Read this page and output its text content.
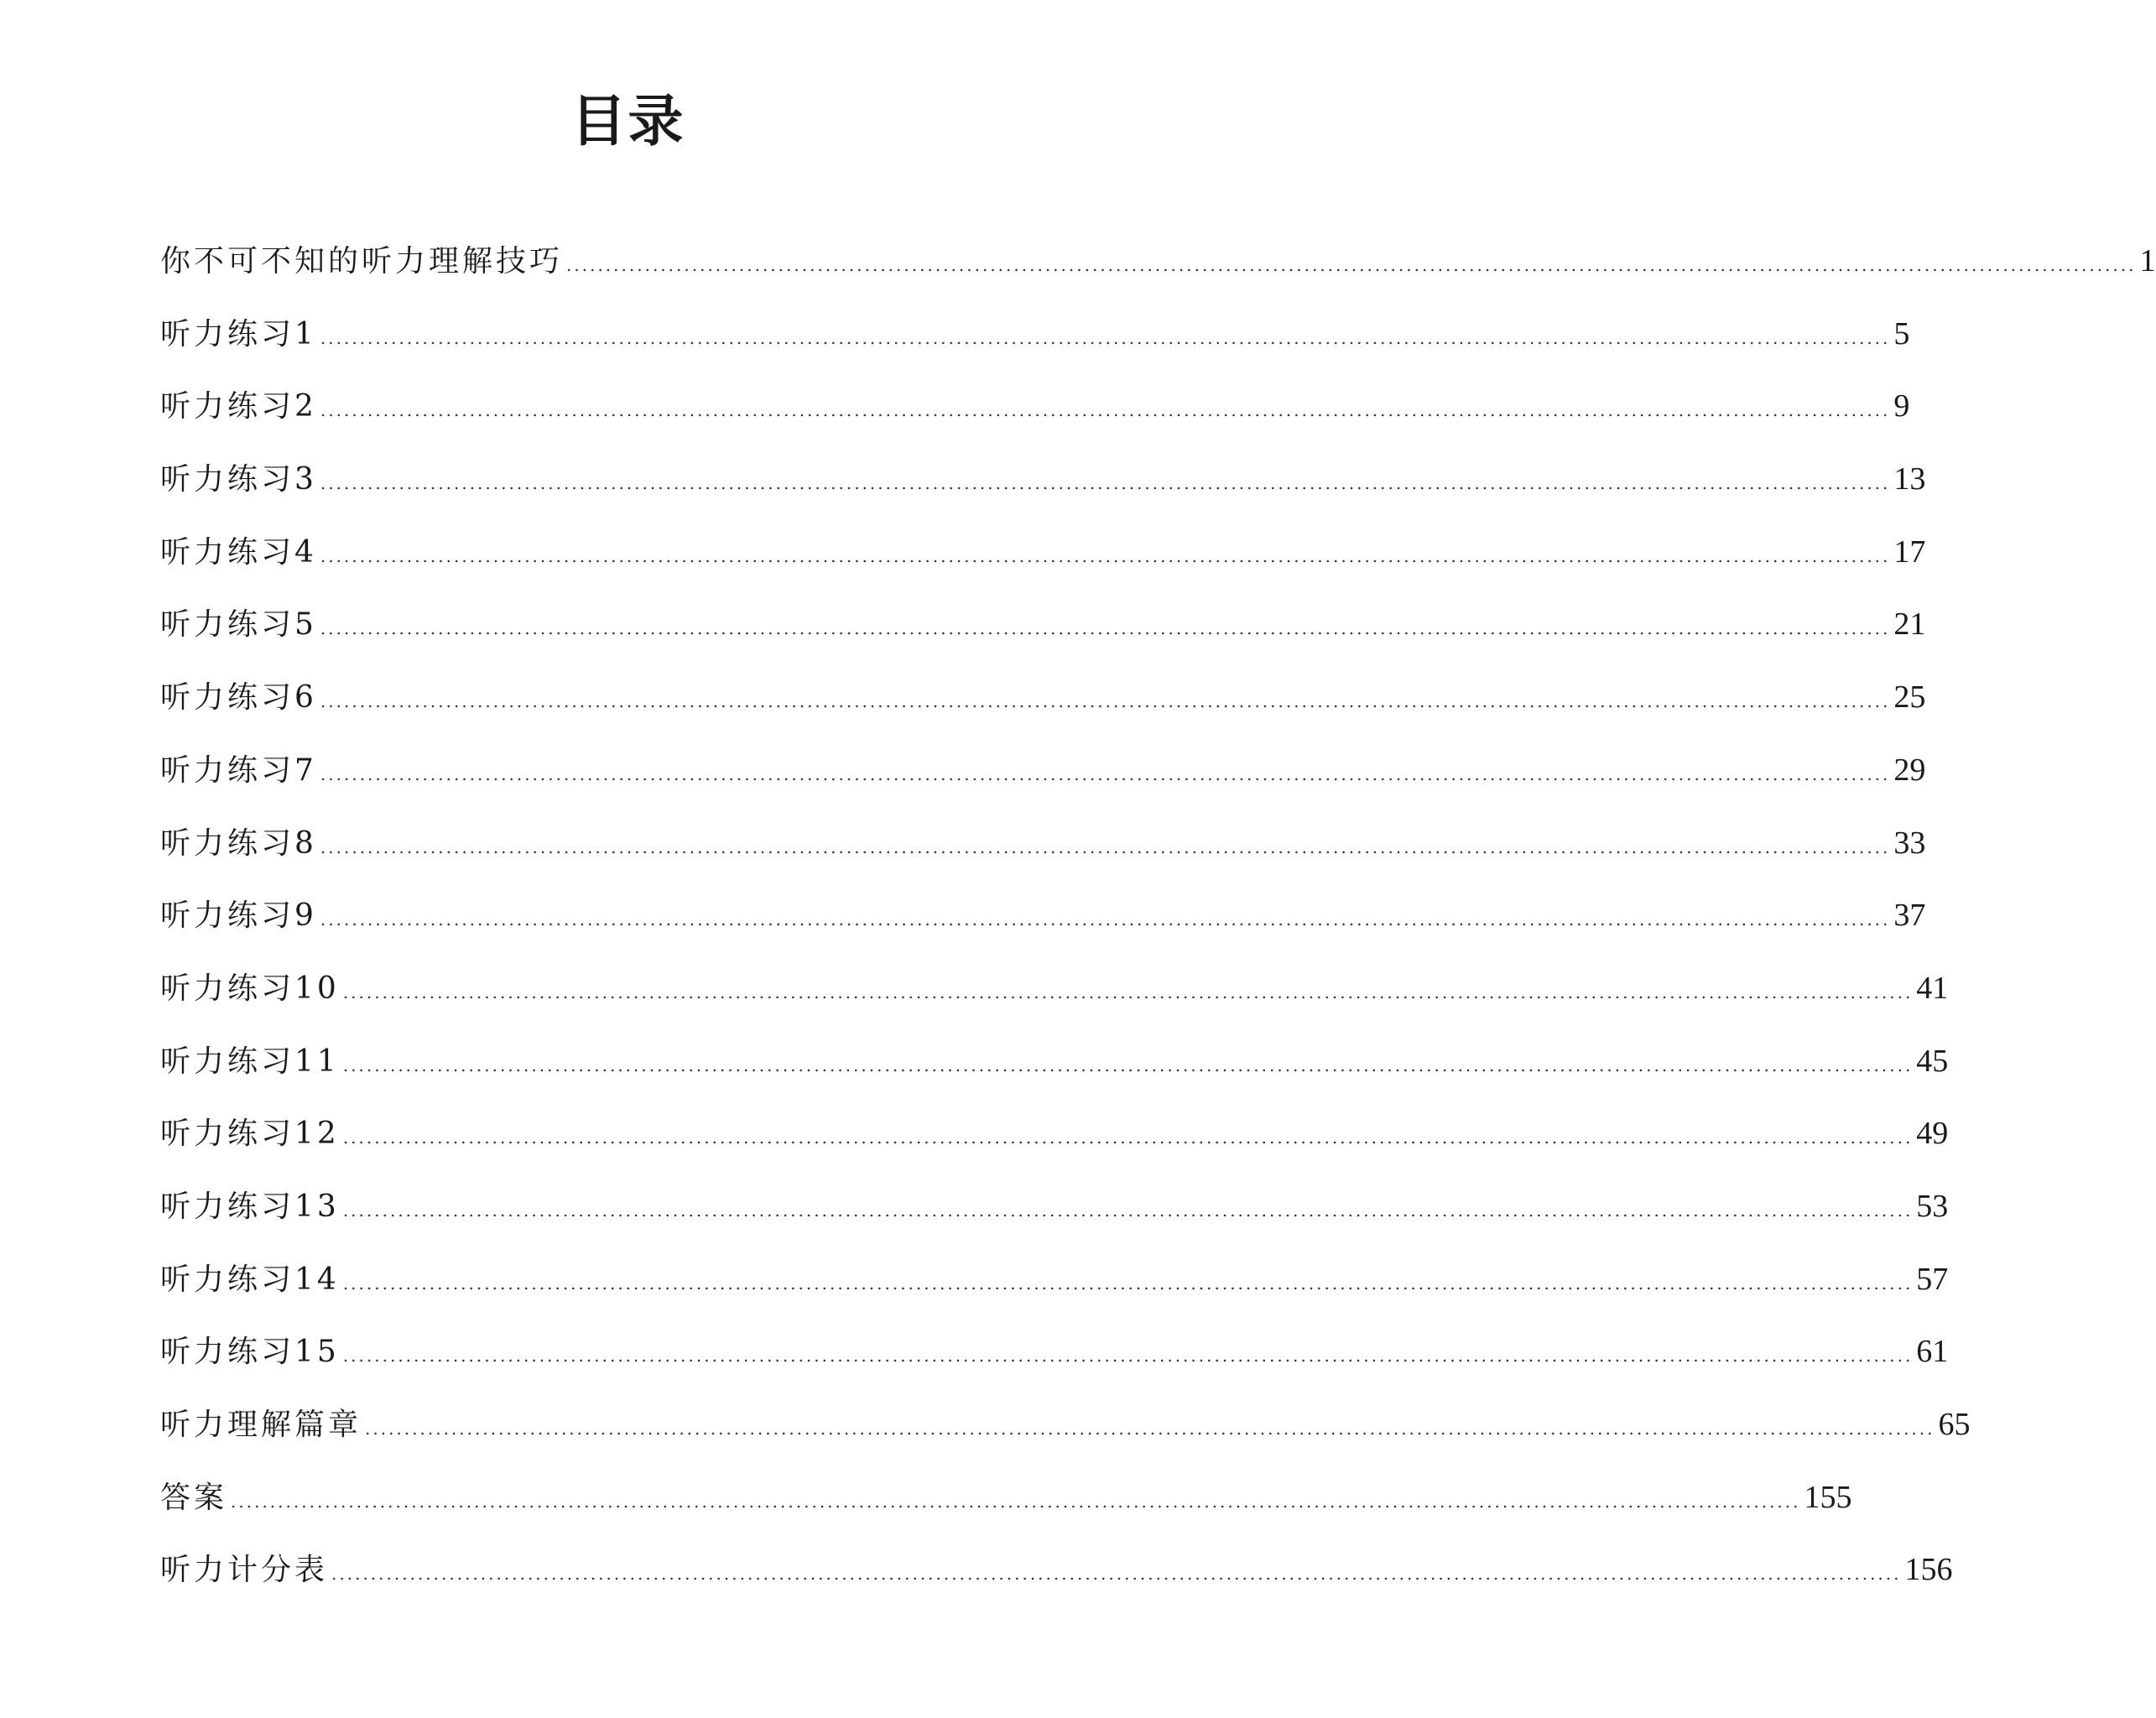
目录
你不可不知的听力理解技巧 ........................................................................................................................................................................................................ 1
听力练习1 ........................................................................................................................................................................................................ 5
听力练习2 ........................................................................................................................................................................................................ 9
听力练习3 ........................................................................................................................................................................................................ 13
听力练习4 ........................................................................................................................................................................................................ 17
听力练习5 ........................................................................................................................................................................................................ 21
听力练习6 ........................................................................................................................................................................................................ 25
听力练习7 ........................................................................................................................................................................................................ 29
听力练习8 ........................................................................................................................................................................................................ 33
听力练习9 ........................................................................................................................................................................................................ 37
听力练习10 ........................................................................................................................................................................................................ 41
听力练习11 ........................................................................................................................................................................................................ 45
听力练习12 ........................................................................................................................................................................................................ 49
听力练习13 ........................................................................................................................................................................................................ 53
听力练习14 ........................................................................................................................................................................................................ 57
听力练习15 ........................................................................................................................................................................................................ 61
听力理解篇章 ........................................................................................................................................................................................................ 65
答案 ........................................................................................................................................................................................................ 155
听力计分表 ........................................................................................................................................................................................................ 156
